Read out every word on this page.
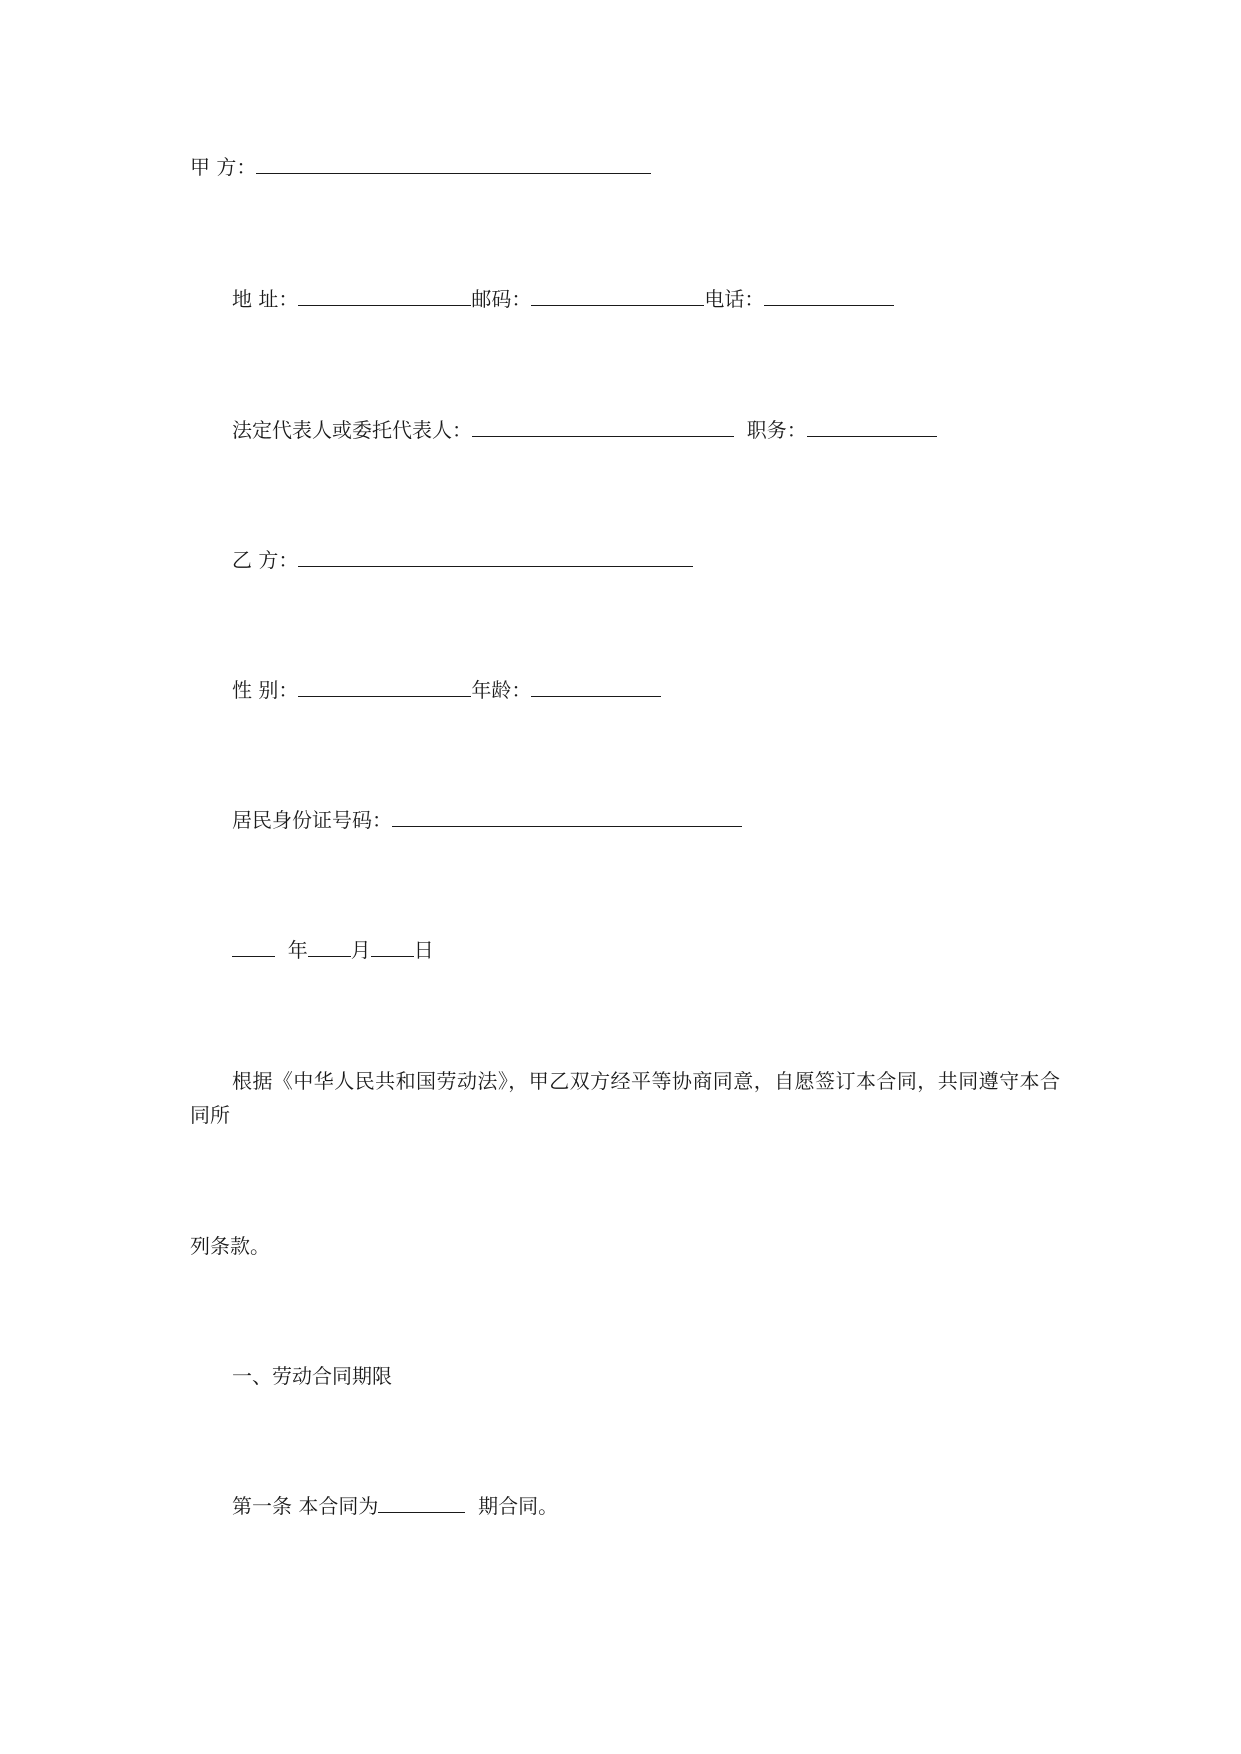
甲 方：
地 址：	邮码：	电话：
法定代表人或委托代表人：	职务：
乙 方：
性 别：	年龄：
居民身份证号码：
年 月 日
根据《中华人民共和国劳动法》，甲乙双方经平等协商同意，自愿签订本合同，共同遵守本合同所
列条款。
一、劳动合同期限
第一条 本合同为	期合同。
